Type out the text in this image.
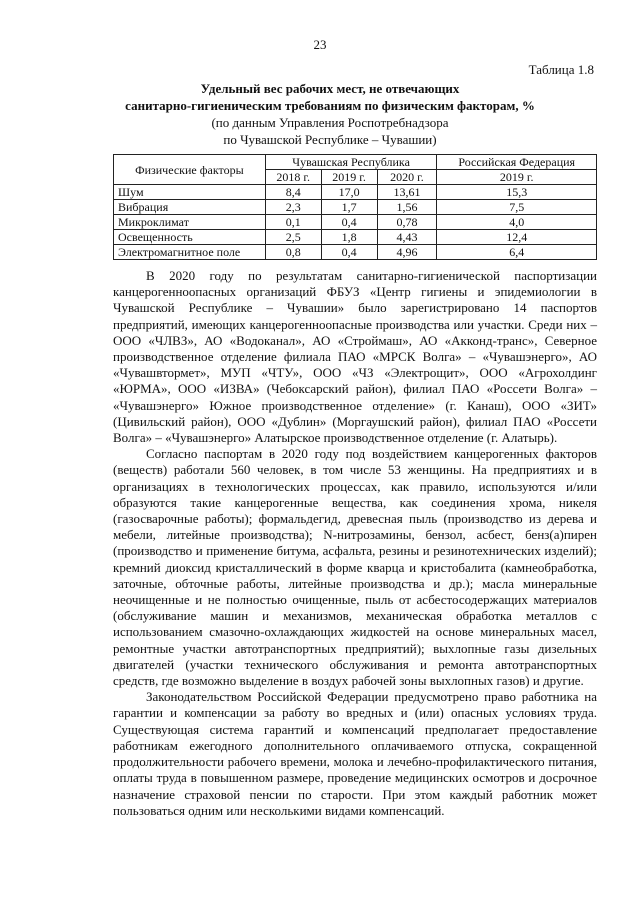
23
Таблица 1.8
Удельный вес рабочих мест, не отвечающих
санитарно-гигиеническим требованиям по физическим факторам, %
(по данным Управления Роспотребнадзора
по Чувашской Республике – Чувашии)
Физические факторы	Чувашская Республика			Российская Федерация
	2018 г.	2019 г.	2020 г.	2019 г.
Шум	8,4	17,0	13,61	15,3
Вибрация	2,3	1,7	1,56	7,5
Микроклимат	0,1	0,4	0,78	4,0
Освещенность	2,5	1,8	4,43	12,4
Электромагнитное поле	0,8	0,4	4,96	6,4

В 2020 году по результатам санитарно-гигиенической паспортизации канцерогенноопасных организаций ФБУЗ «Центр гигиены и эпидемиологии в Чувашской Республике – Чувашии» было зарегистрировано 14 паспортов предприятий, имеющих канцерогенноопасные производства или участки. Среди них – ООО «ЧЛВЗ», АО «Водоканал», АО «Строймаш», АО «Акконд-транс», Северное производственное отделение филиала ПАО «МРСК Волга» – «Чувашэнерго», АО «Чувашвтормет», МУП «ЧТУ», ООО «ЧЗ «Электрощит», ООО «Агрохолдинг «ЮРМА», ООО «ИЗВА» (Чебоксарский район), филиал ПАО «Россети Волга» – «Чувашэнерго» Южное производственное отделение» (г. Канаш), ООО «ЗИТ» (Цивильский район), ООО «Дублин» (Моргаушский район), филиал ПАО «Россети Волга» – «Чувашэнерго» Алатырское производственное отделение (г. Алатырь).

Согласно паспортам в 2020 году под воздействием канцерогенных факторов (веществ) работали 560 человек, в том числе 53 женщины. На предприятиях и в организациях в технологических процессах, как правило, используются и/или образуются такие канцерогенные вещества, как соединения хрома, никеля (газосварочные работы); формальдегид, древесная пыль (производство из дерева и мебели, литейные производства); N-нитрозамины, бензол, асбест, бенз(а)пирен (производство и применение битума, асфальта, резины и резинотехнических изделий); кремний диоксид кристаллический в форме кварца и кристобалита (камнеобработка, заточные, обточные работы, литейные производства и др.); масла минеральные неочищенные и не полностью очищенные, пыль от асбестосодержащих материалов (обслуживание машин и механизмов, механическая обработка металлов с использованием смазочно-охлаждающих жидкостей на основе минеральных масел, ремонтные участки автотранспортных предприятий); выхлопные газы дизельных двигателей (участки технического обслуживания и ремонта автотранспортных средств, где возможно выделение в воздух рабочей зоны выхлопных газов) и другие.

Законодательством Российской Федерации предусмотрено право работника на гарантии и компенсации за работу во вредных и (или) опасных условиях труда. Существующая система гарантий и компенсаций предполагает предоставление работникам ежегодного дополнительного оплачиваемого отпуска, сокращенной продолжительности рабочего времени, молока и лечебно-профилактического питания, оплаты труда в повышенном размере, проведение медицинских осмотров и досрочное назначение страховой пенсии по старости. При этом каждый работник может пользоваться одним или несколькими видами компенсаций.
